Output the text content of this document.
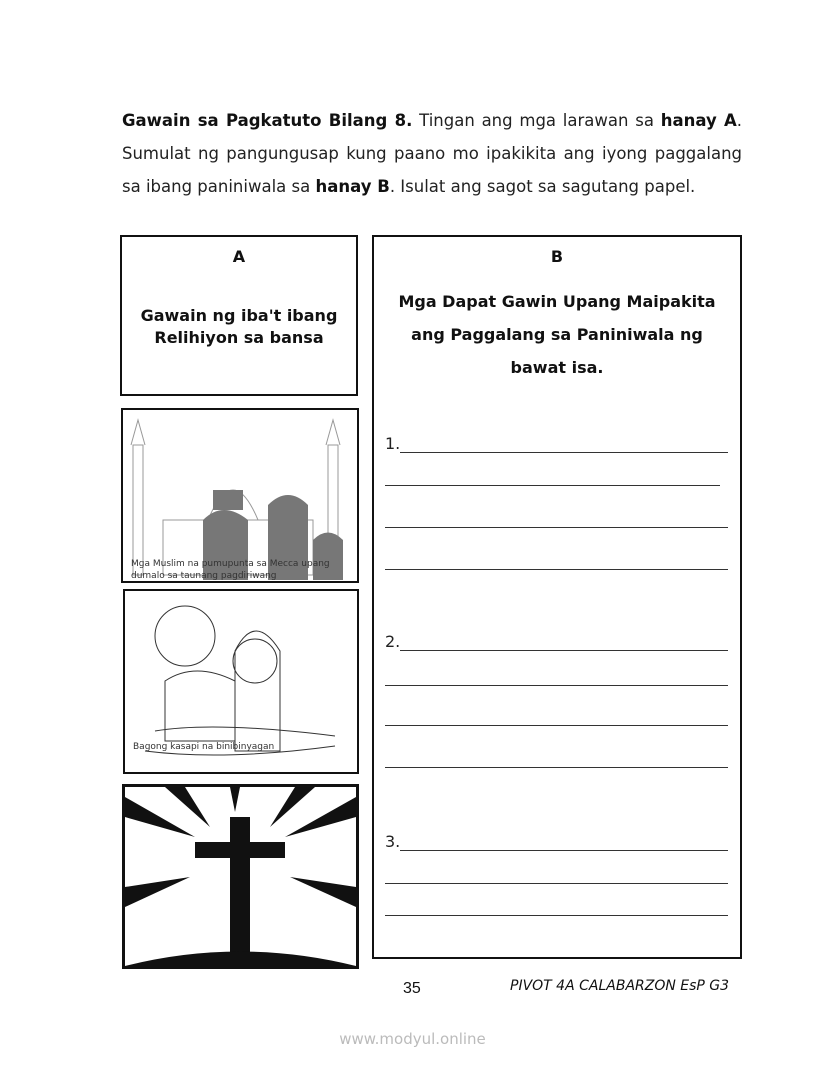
Gawain sa Pagkatuto Bilang 8. Tingan ang mga larawan sa hanay A. Sumulat ng pangungusap kung paano mo ipakikita ang iyong paggalang sa ibang paniniwala sa hanay B. Isulat ang sagot sa sagutang papel.
A
Gawain ng iba't ibang Relihiyon sa bansa
Mga Muslim na pumupunta sa Mecca upang dumalo sa taunang pagdiriwang
Bagong kasapi na binibinyagan
B
Mga Dapat Gawin Upang Maipakita ang Paggalang sa Paniniwala ng bawat isa.
1.
2.
3.
35	PIVOT 4A CALABARZON EsP G3
www.modyul.online
